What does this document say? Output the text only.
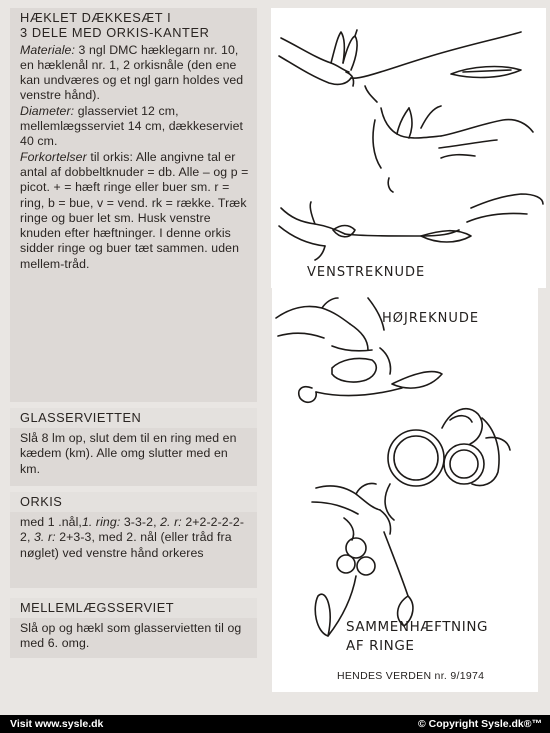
HÆKLET DÆKKESÆT I

3 DELE MED ORKIS-KANTER

Materiale: 3 ngl DMC hæklegarn nr. 10, en hæklenål nr. 1, 2 orkisnåle (den ene kan undværes og et ngl garn holdes ved venstre hånd).

Diameter: glasserviet 12 cm, mellemlægsserviet 14 cm, dækkeserviet 40 cm.

Forkortelser til orkis: Alle angivne tal er antal af dobbeltknuder = db. Alle – og p = picot. + = hæft ringe eller buer sm. r = ring, b = bue, v = vend. rk = række. Træk ringe og buer let sm. Husk venstre knuden efter hæftninger. I denne orkis sidder ringe og buer tæt sammen. uden mellem-tråd.

GLASSERVIETTEN

Slå 8 lm op, slut dem til en ring med en kædem (km). Alle omg slutter med en km.

ORKIS

med 1 .nål,1. ring: 3-3-2, 2. r: 2+2-2-2-2-2, 3. r: 2+3-3, med 2. nål (eller tråd fra nøglet) ved venstre hånd orkeres

MELLEMLÆGSSERVIET

Slå op og hækl som glasservietten til og med 6. omg.

VENSTREKNUDE
HØJREKNUDE
SAMMENHÆFTNING
AF RINGE
HENDES VERDEN nr. 9/1974
Visit www.sysle.dk	© Copyright Sysle.dk®™
